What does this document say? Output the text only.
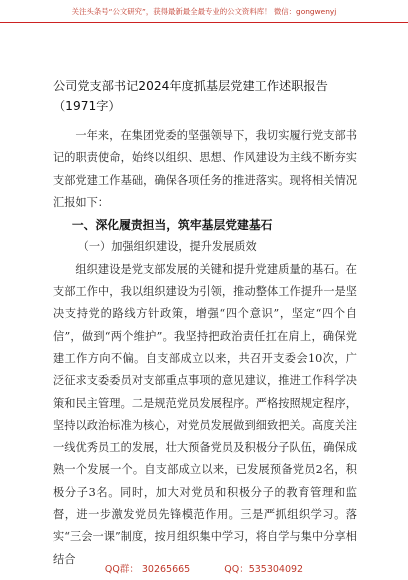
关注头条号“公文研究”，获得最新最全最专业的公文资料库！ 微信：gongwenyj
公司党支部书记2024年度抓基层党建工作述职报告（1971字）

一年来，在集团党委的坚强领导下，我切实履行党支部书记的职责使命，始终以组织、思想、作风建设为主线不断夯实支部党建工作基础，确保各项任务的推进落实。现将相关情况汇报如下：

一、深化履责担当，筑牢基层党建基石
（一）加强组织建设，提升发展质效

组织建设是党支部发展的关键和提升党建质量的基石。在支部工作中，我以组织建设为引领，推动整体工作提升一是坚决支持党的路线方针政策，增强“四个意识”，坚定“四个自信”，做到“两个维护”。我坚持把政治责任扛在肩上，确保党建工作方向不偏。自支部成立以来，共召开支委会10次，广泛征求支委委员对支部重点事项的意见建议，推进工作科学决策和民主管理。二是规范党员发展程序。严格按照规定程序，坚持以政治标准为核心，对党员发展做到细致把关。高度关注一线优秀员工的发展，壮大预备党员及积极分子队伍，确保成熟一个发展一个。自支部成立以来，已发展预备党员2名，积极分子3名。同时，加大对党员和积极分子的教育管理和监督，进一步激发党员先锋模范作用。三是严抓组织学习。落实“三会一课”制度，按月组织集中学习，将自学与集中分享相结合

QQ群： 30265665	QQ：535304092
